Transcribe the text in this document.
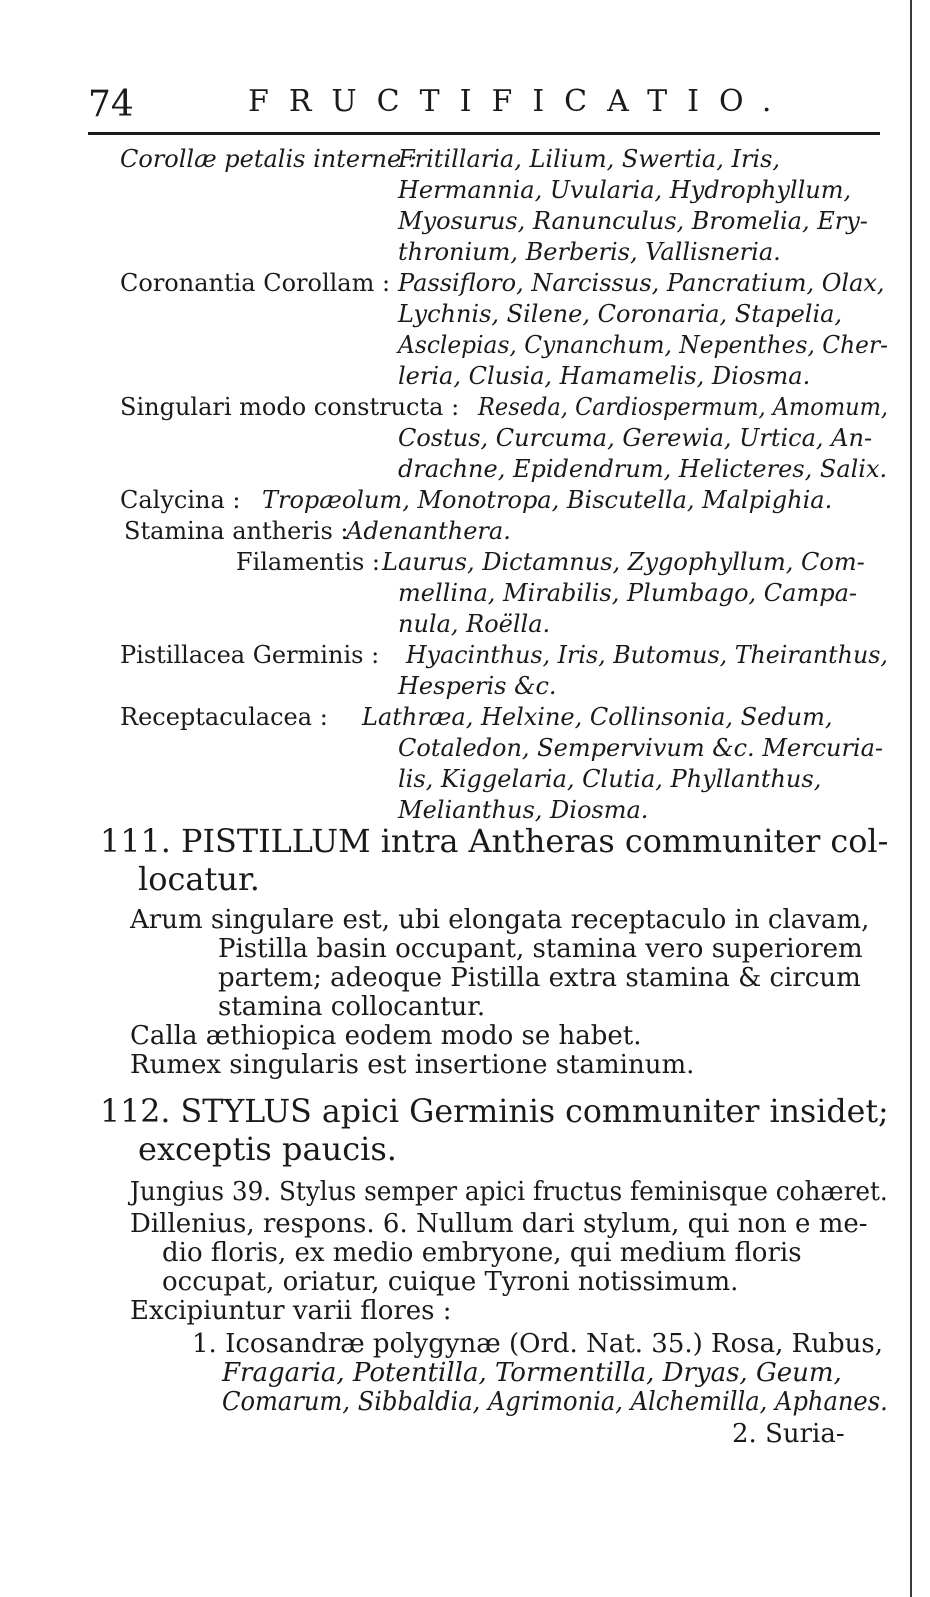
74	FRUCTIFICATIO.
Corollæ petalis interne :
Fritillaria, Lilium, Swertia, Iris,
Hermannia, Uvularia, Hydrophyllum,
Myosurus, Ranunculus, Bromelia, Ery-
thronium, Berberis, Vallisneria.
Coronantia Corollam : Passifloro, Narcissus, Pancratium, Olax,
Lychnis, Silene, Coronaria, Stapelia,
Asclepias, Cynanchum, Nepenthes, Cher-
leria, Clusia, Hamamelis, Diosma.
Singulari modo constructa : Reseda, Cardiospermum, Amomum,
Costus, Curcuma, Gerewia, Urtica, An-
drachne, Epidendrum, Helicteres, Salix.
Calycina : Tropæolum, Monotropa, Biscutella, Malpighia.
Stamina antheris :
Adenanthera.
Filamentis : Laurus, Dictamnus, Zygophyllum, Com-
mellina, Mirabilis, Plumbago, Campa-
nula, Roëlla.
Pistillacea Germinis :	Hyacinthus, Iris, Butomus, Theiranthus,
Hesperis &c.
Receptaculacea :	Lathræa, Helxine, Collinsonia, Sedum,
Cotaledon, Sempervivum &c. Mercuria-
lis, Kiggelaria, Clutia, Phyllanthus,
Melianthus, Diosma.
111. PISTILLUM intra Antheras communiter col-
locatur.
Arum singulare est, ubi elongata receptaculo in clavam,
Pistilla basin occupant, stamina vero superiorem
partem; adeoque Pistilla extra stamina & circum
stamina collocantur.
Calla æthiopica eodem modo se habet.
Rumex singularis est insertione staminum.
112. STYLUS apici Germinis communiter insidet;
exceptis paucis.
Jungius 39. Stylus semper apici fructus feminisque cohæret.
Dillenius, respons. 6. Nullum dari stylum, qui non e me-
dio floris, ex medio embryone, qui medium floris
occupat, oriatur, cuique Tyroni notissimum.
Excipiuntur varii flores :
1. Icosandræ polygynæ (Ord. Nat. 35.) Rosa, Rubus,
Fragaria, Potentilla, Tormentilla, Dryas, Geum,
Comarum, Sibbaldia, Agrimonia, Alchemilla, Aphanes.
2. Suria-
